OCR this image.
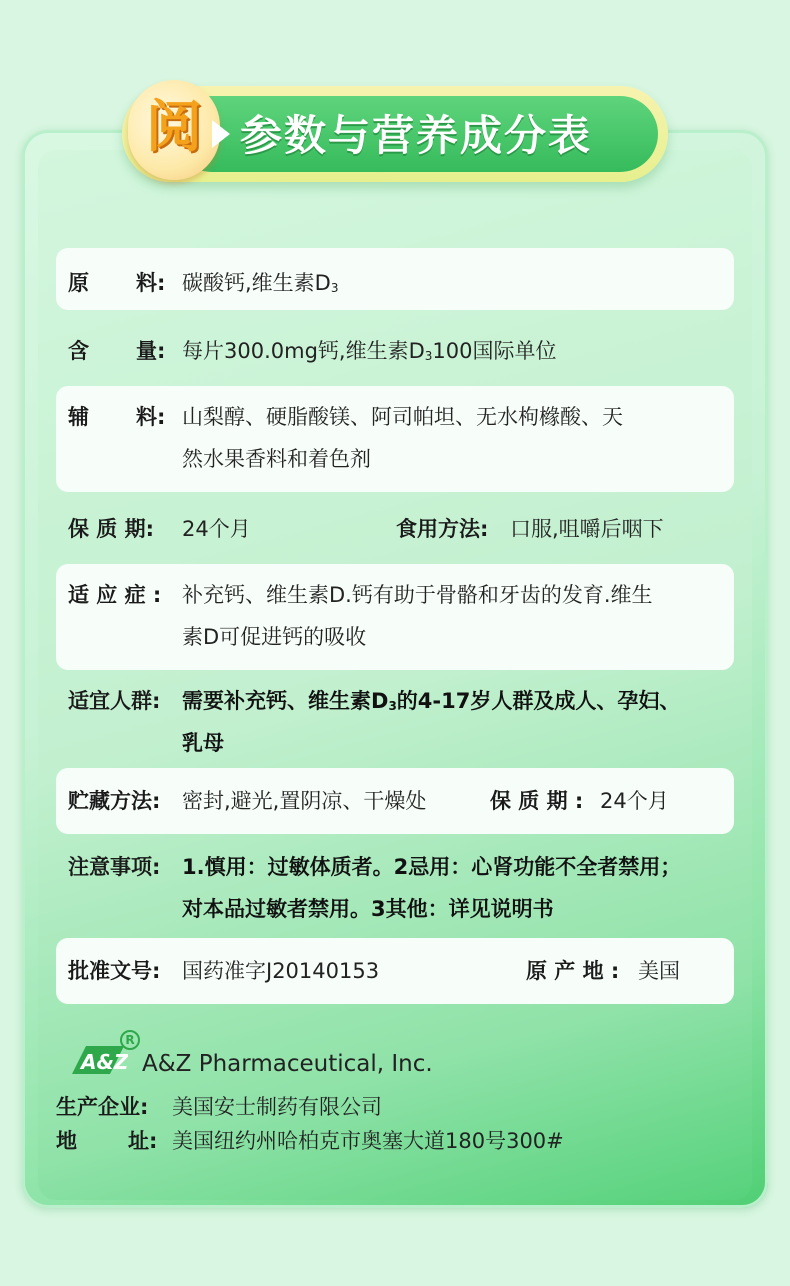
参数与营养成分表
阅
原 料: 碳酸钙,维生素D3
含 量: 每片300.0mg钙,维生素D3100国际单位
辅 料: 山梨醇、硬脂酸镁、阿司帕坦、无水枸橼酸、天
然水果香料和着色剂
保 质 期: 24个月	食用方法: 口服,咀嚼后咽下
适 应 症 : 补充钙、维生素D.钙有助于骨骼和牙齿的发育.维生
素D可促进钙的吸收
适宜人群: 需要补充钙、维生素D3的4-17岁人群及成人、孕妇、
乳母
贮藏方法: 密封,避光,置阴凉、干燥处	保 质 期 : 24个月
注意事项: 1.慎用：过敏体质者。2忌用：心肾功能不全者禁用；
对本品过敏者禁用。3其他：详见说明书
批准文号: 国药准字J20140153	原 产 地 : 美国
A&Z
R
A&Z Pharmaceutical, Inc.
生产企业: 美国安士制药有限公司
地 址: 美国纽约州哈柏克市奥塞大道180号300#
